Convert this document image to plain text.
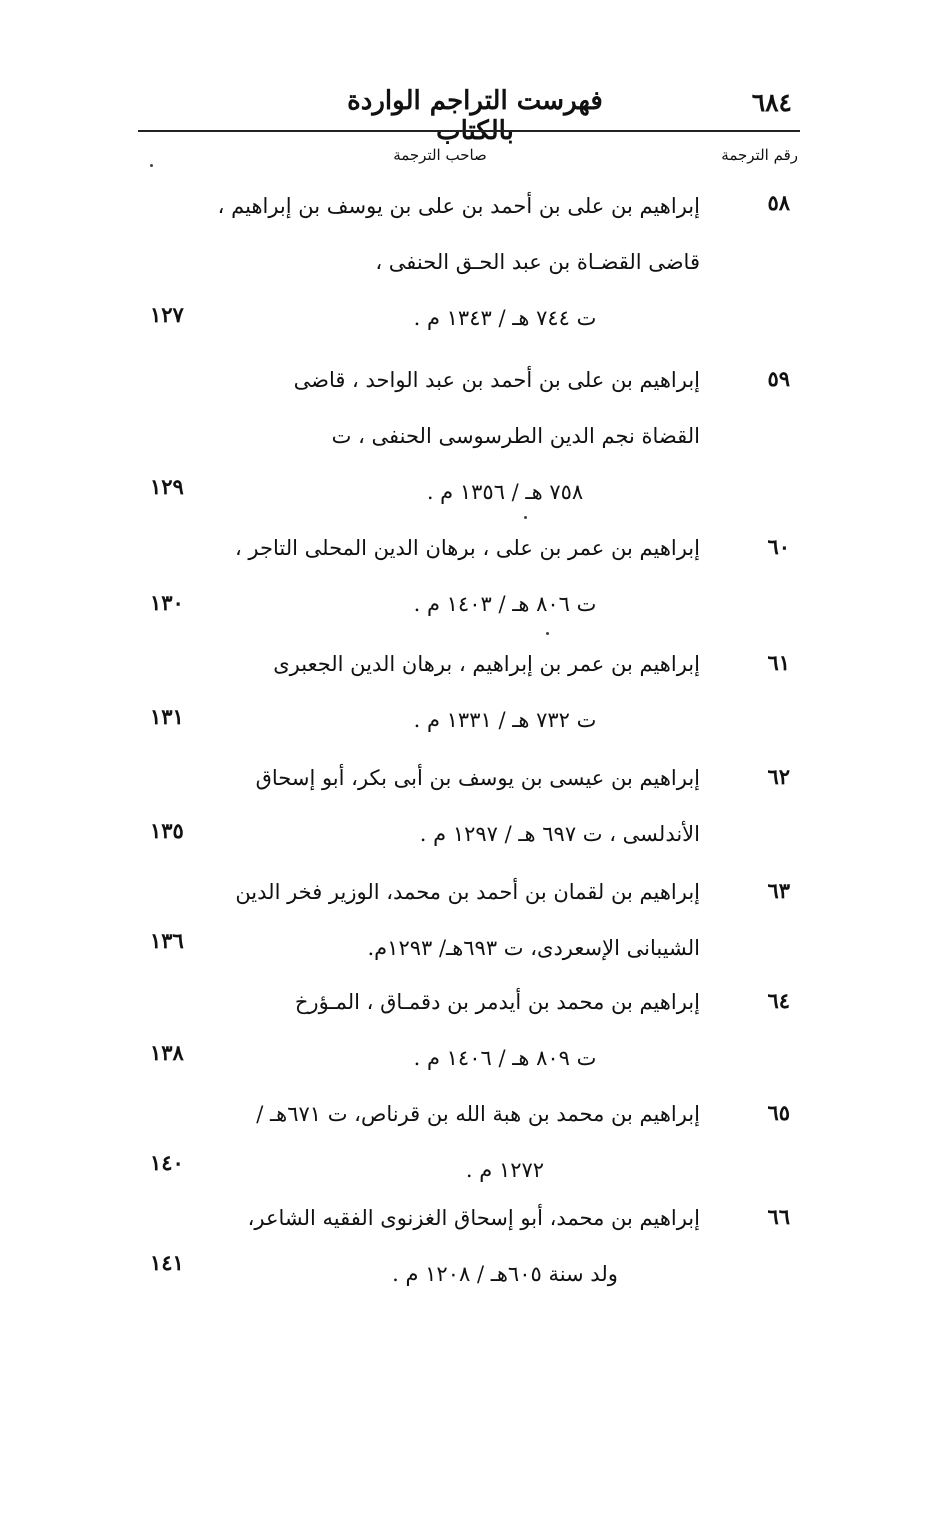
٦٨٤
فهرست التراجم الواردة بالكتاب
رقم الترجمة
صاحب الترجمة
٥٨
إبراهيم بن على بن أحمد بن على بن يوسف بن إبراهيم ،
قاضى القضـاة بن عبد الحـق الحنفى ،
ت ٧٤٤ هـ / ١٣٤٣ م .
١٢٧
٥٩
إبراهيم بن على بن أحمد بن عبد الواحد ، قاضى
القضاة نجم الدين الطرسوسى الحنفى ، ت
٧٥٨ هـ / ١٣٥٦ م .
١٢٩
٦٠
إبراهيم بن عمر بن على ، برهان الدين المحلى التاجر ،
ت ٨٠٦ هـ / ١٤٠٣ م .
١٣٠
٦١
إبراهيم بن عمر بن إبراهيم ، برهان الدين الجعبرى
ت ٧٣٢ هـ / ١٣٣١ م .
١٣١
٦٢
إبراهيم بن عيسى بن يوسف بن أبى بكر، أبو إسحاق
الأندلسى ، ت ٦٩٧ هـ / ١٢٩٧ م .
١٣٥
٦٣
إبراهيم بن لقمان بن أحمد بن محمد، الوزير فخر الدين
الشيبانى الإسعردى، ت ٦٩٣هـ/ ١٢٩٣م.
١٣٦
٦٤
إبراهيم بن محمد بن أيدمر بن دقمـاق ، المـؤرخ
ت ٨٠٩ هـ / ١٤٠٦ م .
١٣٨
٦٥
إبراهيم بن محمد بن هبة الله بن قرناص، ت ٦٧١هـ /
١٢٧٢ م .
١٤٠
٦٦
إبراهيم بن محمد، أبو إسحاق الغزنوى الفقيه الشاعر،
ولد سنة ٦٠٥هـ / ١٢٠٨ م .
١٤١
